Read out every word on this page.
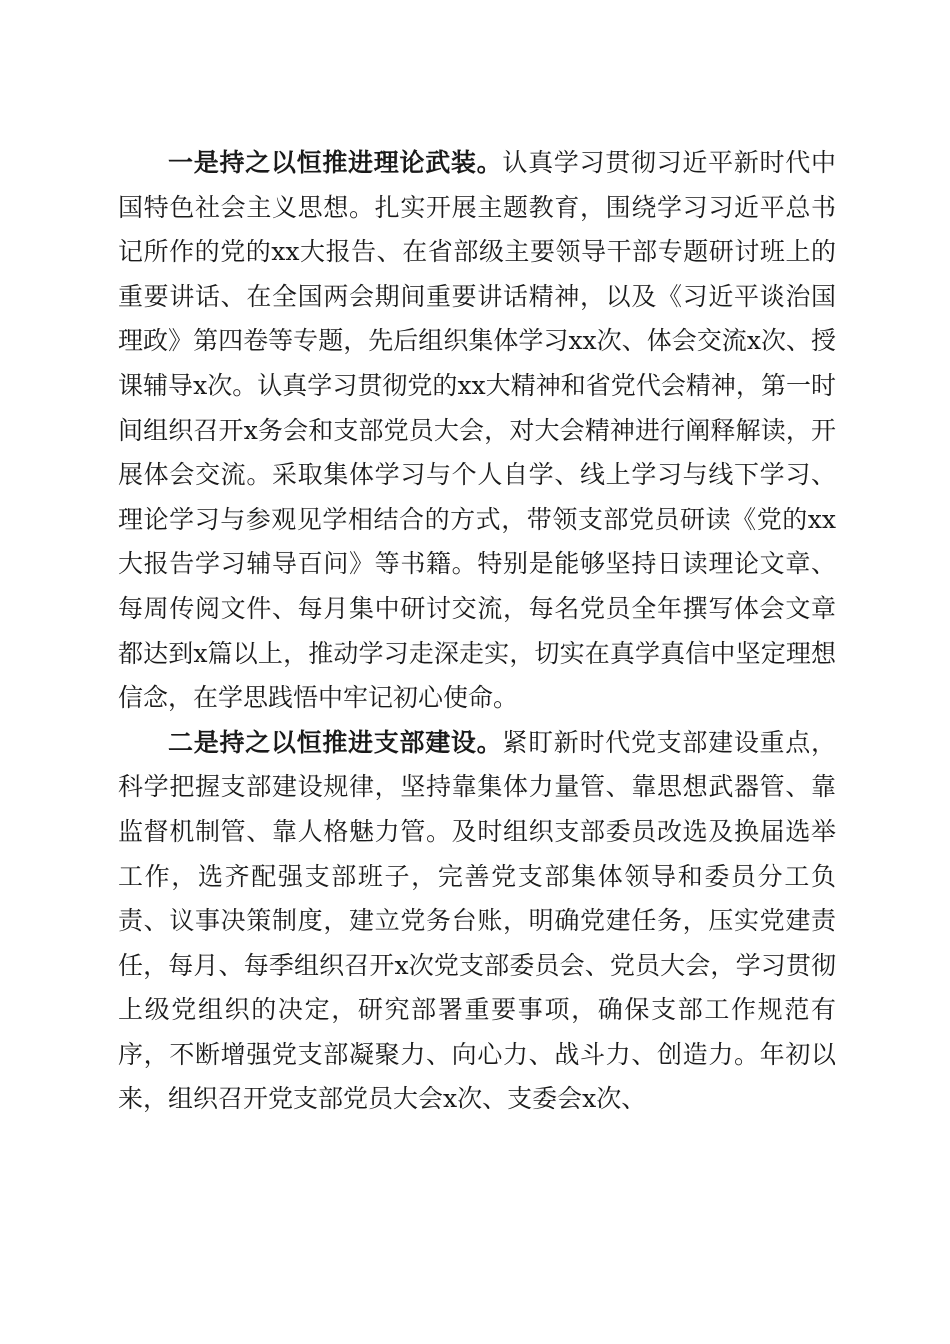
一是持之以恒推进理论武装。认真学习贯彻习近平新时代中国特色社会主义思想。扎实开展主题教育，围绕学习习近平总书记所作的党的xx大报告、在省部级主要领导干部专题研讨班上的重要讲话、在全国两会期间重要讲话精神，以及《习近平谈治国理政》第四卷等专题，先后组织集体学习xx次、体会交流x次、授课辅导x次。认真学习贯彻党的xx大精神和省党代会精神，第一时间组织召开x务会和支部党员大会，对大会精神进行阐释解读，开展体会交流。采取集体学习与个人自学、线上学习与线下学习、理论学习与参观见学相结合的方式，带领支部党员研读《党的xx大报告学习辅导百问》等书籍。特别是能够坚持日读理论文章、每周传阅文件、每月集中研讨交流，每名党员全年撰写体会文章都达到x篇以上，推动学习走深走实，切实在真学真信中坚定理想信念，在学思践悟中牢记初心使命。

二是持之以恒推进支部建设。紧盯新时代党支部建设重点，科学把握支部建设规律，坚持靠集体力量管、靠思想武器管、靠监督机制管、靠人格魅力管。及时组织支部委员改选及换届选举工作，选齐配强支部班子，完善党支部集体领导和委员分工负责、议事决策制度，建立党务台账，明确党建任务，压实党建责任，每月、每季组织召开x次党支部委员会、党员大会，学习贯彻上级党组织的决定，研究部署重要事项，确保支部工作规范有序，不断增强党支部凝聚力、向心力、战斗力、创造力。年初以来，组织召开党支部党员大会x次、支委会x次、
